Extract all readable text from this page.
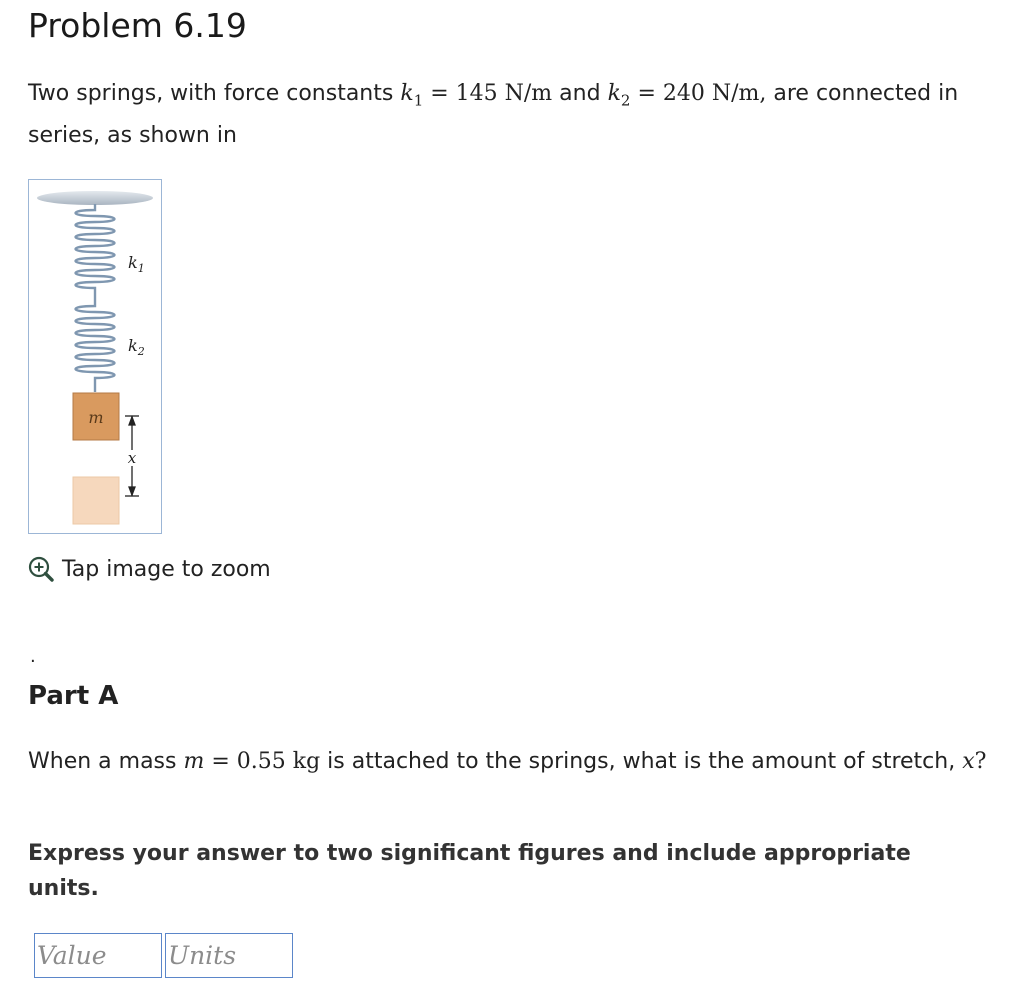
Problem 6.19
Two springs, with force constants $k_1 = 145$ N/m and $k_2 = 240$ N/m, are connected in series, as shown in
$k_1$
$k_2$
m
x
Tap image to zoom
.
Part A
When a mass m = 0.55 kg is attached to the springs, what is the amount of stretch, x?
Express your answer to two significant figures and include appropriate units.
Value
Units
